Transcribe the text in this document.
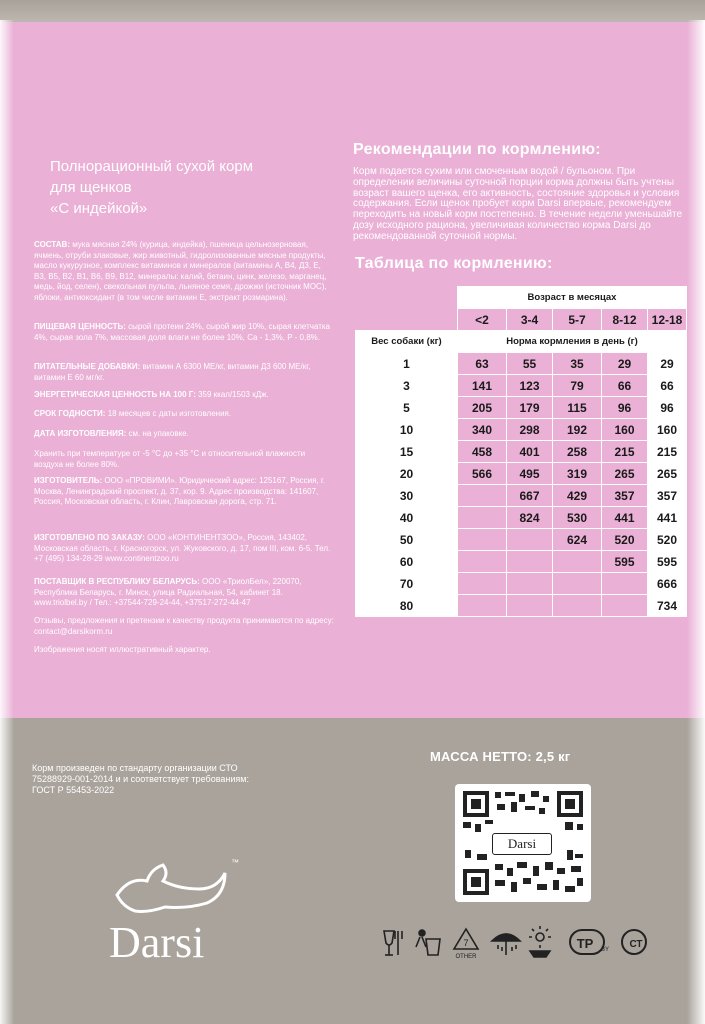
Полнорационный сухой корм
для щенков
«С индейкой»
СОСТАВ: мука мясная 24% (курица, индейка), пшеница цельнозерновая, ячмень, отруби злаковые, жир животный, гидролизованные мясные продукты, масло кукурузное, комплекс витаминов и минералов (витамины А, В4, Д3, Е, В3, В5, В2, В1, В6, В9, В12, минералы: калий, бетаин, цинк, железо, марганец, медь, йод, селен), свекольная пульпа, льняное семя, дрожжи (источник МОС), яблоки, антиоксидант (в том числе витамин Е, экстракт розмарина).
ПИЩЕВАЯ ЦЕННОСТЬ: сырой протеин 24%, сырой жир 10%, сырая клетчатка 4%, сырая зола 7%, массовая доля влаги не более 10%, Ca - 1,3%, P - 0,8%.
ПИТАТЕЛЬНЫЕ ДОБАВКИ: витамин А 6300 МЕ/кг, витамин Д3 600 МЕ/кг, витамин Е 60 мг/кг.
ЭНЕРГЕТИЧЕСКАЯ ЦЕННОСТЬ НА 100 Г: 359 ккал/1503 кДж.
СРОК ГОДНОСТИ: 18 месяцев с даты изготовления.
ДАТА ИЗГОТОВЛЕНИЯ: см. на упаковке.
Хранить при температуре от -5 °С до +35 °С и относительной влажности воздуха не более 80%.
ИЗГОТОВИТЕЛЬ: ООО «ПРОВИМИ». Юридический адрес: 125167, Россия, г. Москва, Ленинградский проспект, д. 37, кор. 9. Адрес производства: 141607, Россия, Московская область, г. Клин, Лавровская дорога, стр. 71.
ИЗГОТОВЛЕНО ПО ЗАКАЗУ: ООО «КОНТИНЕНТЗОО», Россия, 143402, Московская область, г. Красногорск, ул. Жуковского, д. 17, пом III, ком. 6-5. Тел. +7 (495) 134-28-29 www.continentzoo.ru
ПОСТАВЩИК В РЕСПУБЛИКУ БЕЛАРУСЬ: ООО «ТриолБел», 220070, Республика Беларусь, г. Минск, улица Радиальная, 54, кабинет 18. www.triolbel.by / Тел.: +37544-729-24-44, +37517-272-44-47
Отзывы, предложения и претензии к качеству продукта принимаются по адресу: contact@darsikorm.ru
Изображения носят иллюстративный характер.
Рекомендации по кормлению:
Корм подается сухим или смоченным водой / бульоном. При определении величины суточной порции корма должны быть учтены возраст вашего щенка, его активность, состояние здоровья и условия содержания. Если щенок пробует корм Darsi впервые, рекомендуем переходить на новый корм постепенно. В течение недели уменьшайте дозу исходного рациона, увеличивая количество корма Darsi до рекомендованной суточной нормы.
Таблица по кормлению:
	Возраст в месяцах				
	<2	3-4	5-7	8-12	12-18
Вес собаки (кг)	Норма кормления в день (г)				
1	63	55	35	29	29
3	141	123	79	66	66
5	205	179	115	96	96
10	340	298	192	160	160
15	458	401	258	215	215
20	566	495	319	265	265
30		667	429	357	357
40		824	530	441	441
50			624	520	520
60				595	595
70					666
80					734
МАССА НЕТТО: 2,5 кг
Корм произведен по стандарту организации СТО 75288929-001-2014 и и соответствует требованиям: ГОСТ Р 55453-2022
Darsi
7
OTHER
TP BY СТ
Darsi
™
